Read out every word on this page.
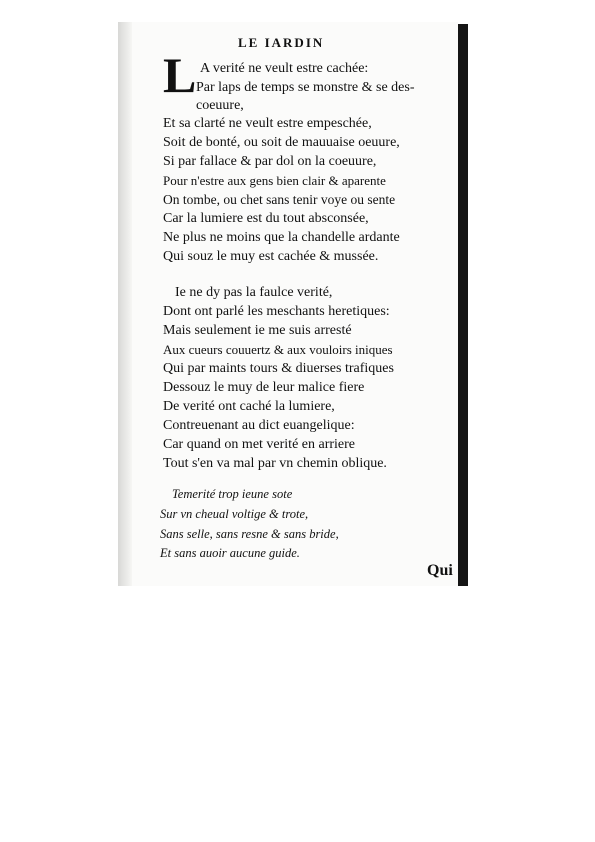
LE IARDIN
L A verité ne veult estre cachée:
Par laps de temps se monstre & se des-
coeuure,
Et sa clarté ne veult estre empeschée,
Soit de bonté, ou soit de mauuaise oeuure,
Si par fallace & par dol on la coeuure,
Pour n'estre aux gens bien clair & aparente
On tombe, ou chet sans tenir voye ou sente
Car la lumiere est du tout absconsée,
Ne plus ne moins que la chandelle ardante
Qui souz le muy est cachée & mussée.
Ie ne dy pas la faulce verité,
Dont ont parlé les meschants heretiques:
Mais seulement ie me suis arresté
Aux cueurs couuertz & aux vouloirs iniques
Qui par maints tours & diuerses trafiques
Dessouz le muy de leur malice fiere
De verité ont caché la lumiere,
Contreuenant au dict euangelique:
Car quand on met verité en arriere
Tout s'en va mal par vn chemin oblique.
Temerité trop ieune sote
Sur vn cheual voltige & trote,
Sans selle, sans resne & sans bride,
Et sans auoir aucune guide.
Qui
